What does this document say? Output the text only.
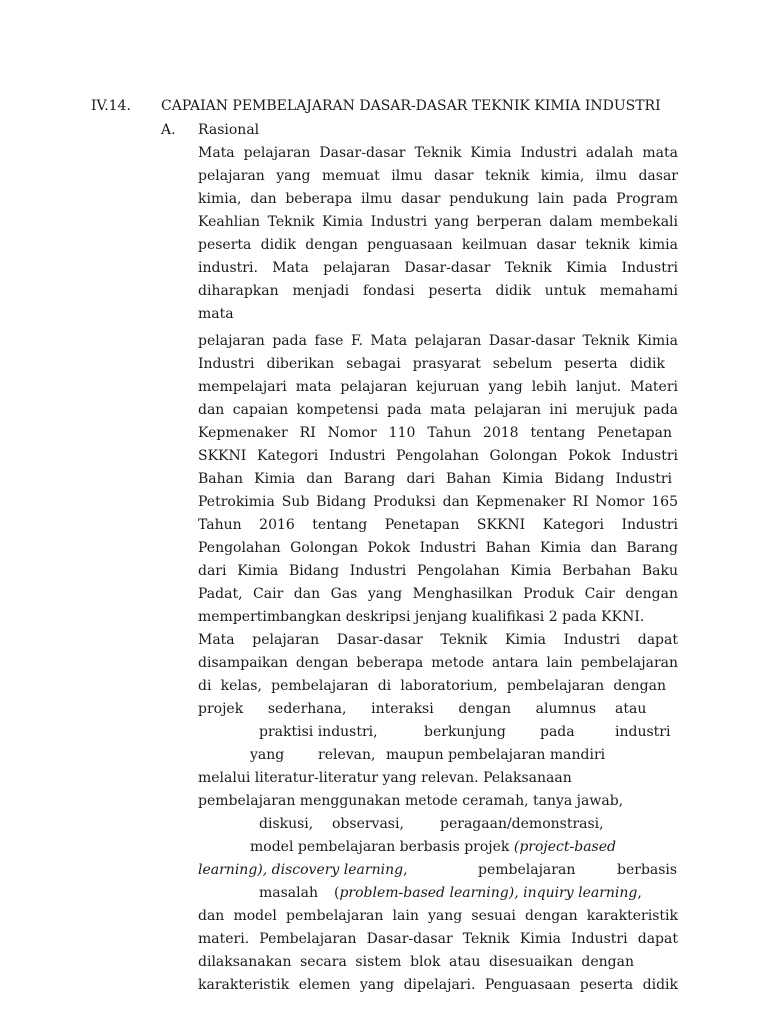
IV.14. CAPAIAN PEMBELAJARAN DASAR-DASAR TEKNIK KIMIA INDUSTRI
A. Rasional
Mata pelajaran Dasar-dasar Teknik Kimia Industri adalah mata
pelajaran yang memuat ilmu dasar teknik kimia, ilmu dasar
kimia, dan beberapa ilmu dasar pendukung lain pada Program
Keahlian Teknik Kimia Industri yang berperan dalam membekali
peserta didik dengan penguasaan keilmuan dasar teknik kimia
industri. Mata pelajaran Dasar-dasar Teknik Kimia Industri
diharapkan menjadi fondasi peserta didik untuk memahami
mata
pelajaran pada fase F. Mata pelajaran Dasar-dasar Teknik Kimia
Industri diberikan sebagai prasyarat sebelum peserta didik
mempelajari mata pelajaran kejuruan yang lebih lanjut. Materi
dan capaian kompetensi pada mata pelajaran ini merujuk pada
Kepmenaker RI Nomor 110 Tahun 2018 tentang Penetapan
SKKNI Kategori Industri Pengolahan Golongan Pokok Industri
Bahan Kimia dan Barang dari Bahan Kimia Bidang Industri
Petrokimia Sub Bidang Produksi dan Kepmenaker RI Nomor 165
Tahun 2016 tentang Penetapan SKKNI Kategori Industri
Pengolahan Golongan Pokok Industri Bahan Kimia dan Barang
dari Kimia Bidang Industri Pengolahan Kimia Berbahan Baku
Padat, Cair dan Gas yang Menghasilkan Produk Cair dengan
mempertimbangkan deskripsi jenjang kualifikasi 2 pada KKNI.
Mata pelajaran Dasar-dasar Teknik Kimia Industri dapat
disampaikan dengan beberapa metode antara lain pembelajaran
di kelas, pembelajaran di laboratorium, pembelajaran dengan
projek sederhana, interaksi dengan alumnus atau
praktisi industri,	berkunjung pada	industri
yang relevan, maupun pembelajaran mandiri
melalui literatur-literatur yang relevan. Pelaksanaan
pembelajaran menggunakan metode ceramah, tanya jawab,
diskusi, observasi,	peragaan/demonstrasi,
model pembelajaran berbasis projek (project-based
learning), discovery learning,	pembelajaran	berbasis
masalah (problem-based learning), inquiry learning,
dan model pembelajaran lain yang sesuai dengan karakteristik
materi. Pembelajaran Dasar-dasar Teknik Kimia Industri dapat
dilaksanakan secara sistem blok atau disesuaikan dengan
karakteristik elemen yang dipelajari. Penguasaan peserta didik
